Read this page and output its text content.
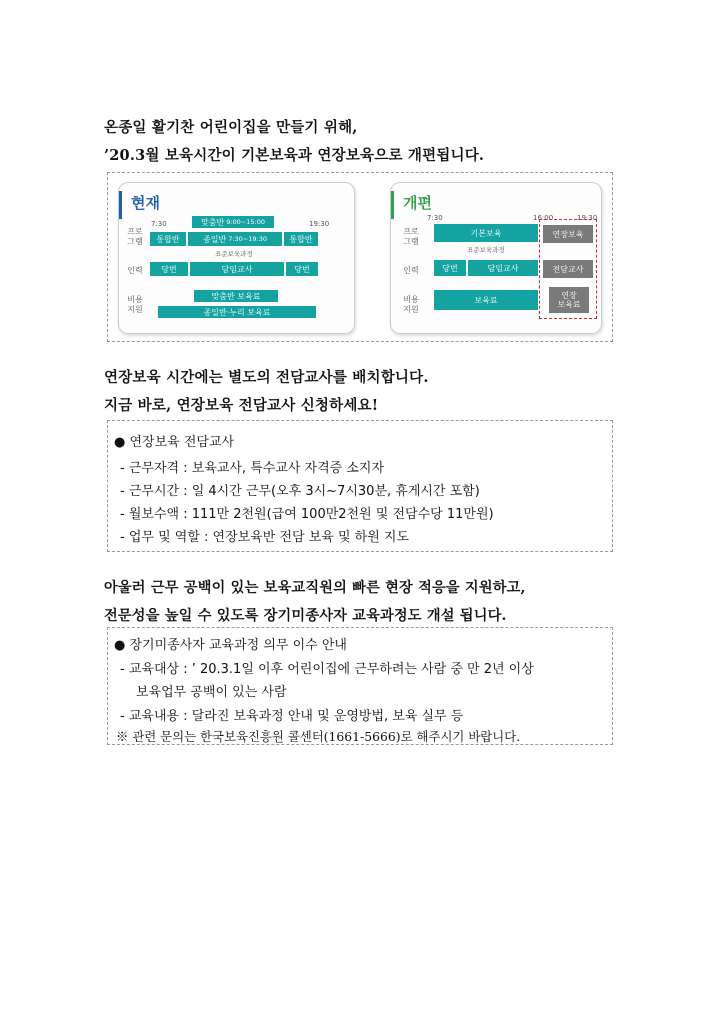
온종일 활기찬 어린이집을 만들기 위해,
’20.3월 보육시간이 기본보육과 연장보육으로 개편됩니다.
현재
7:30	19:30
프로
그램
맞춤반 9:00~15:00
통합반	종일반 7:30~19:30	통합반
표준보육과정
인력	당번	담임교사	당번
비용
지원
맞춤반 보육료
종일반·누리 보육료
개편
7:30	16:00	19:30
프로
그램
기본보육	연장보육
표준보육과정
인력	당번	담임교사	전담교사
비용
지원
보육료	연장
보육료
연장보육 시간에는 별도의 전담교사를 배치합니다.
지금 바로, 연장보육 전담교사 신청하세요!
● 연장보육 전담교사
- 근무자격 : 보육교사, 특수교사 자격증 소지자
- 근무시간 : 일 4시간 근무(오후 3시~7시30분, 휴게시간 포함)
- 월보수액 : 111만 2천원(급여 100만2천원 및 전담수당 11만원)
- 업무 및 역할 : 연장보육반 전담 보육 및 하원 지도
아울러 근무 공백이 있는 보육교직원의 빠른 현장 적응을 지원하고,
전문성을 높일 수 있도록 장기미종사자 교육과정도 개설 됩니다.
● 장기미종사자 교육과정 의무 이수 안내
- 교육대상 : ’ 20.3.1일 이후 어린이집에 근무하려는 사람 중 만 2년 이상
보육업무 공백이 있는 사람
- 교육내용 : 달라진 보육과정 안내 및 운영방법, 보육 실무 등
※ 관련 문의는 한국보육진흥원 콜센터(1661-5666)로 해주시기 바랍니다.
